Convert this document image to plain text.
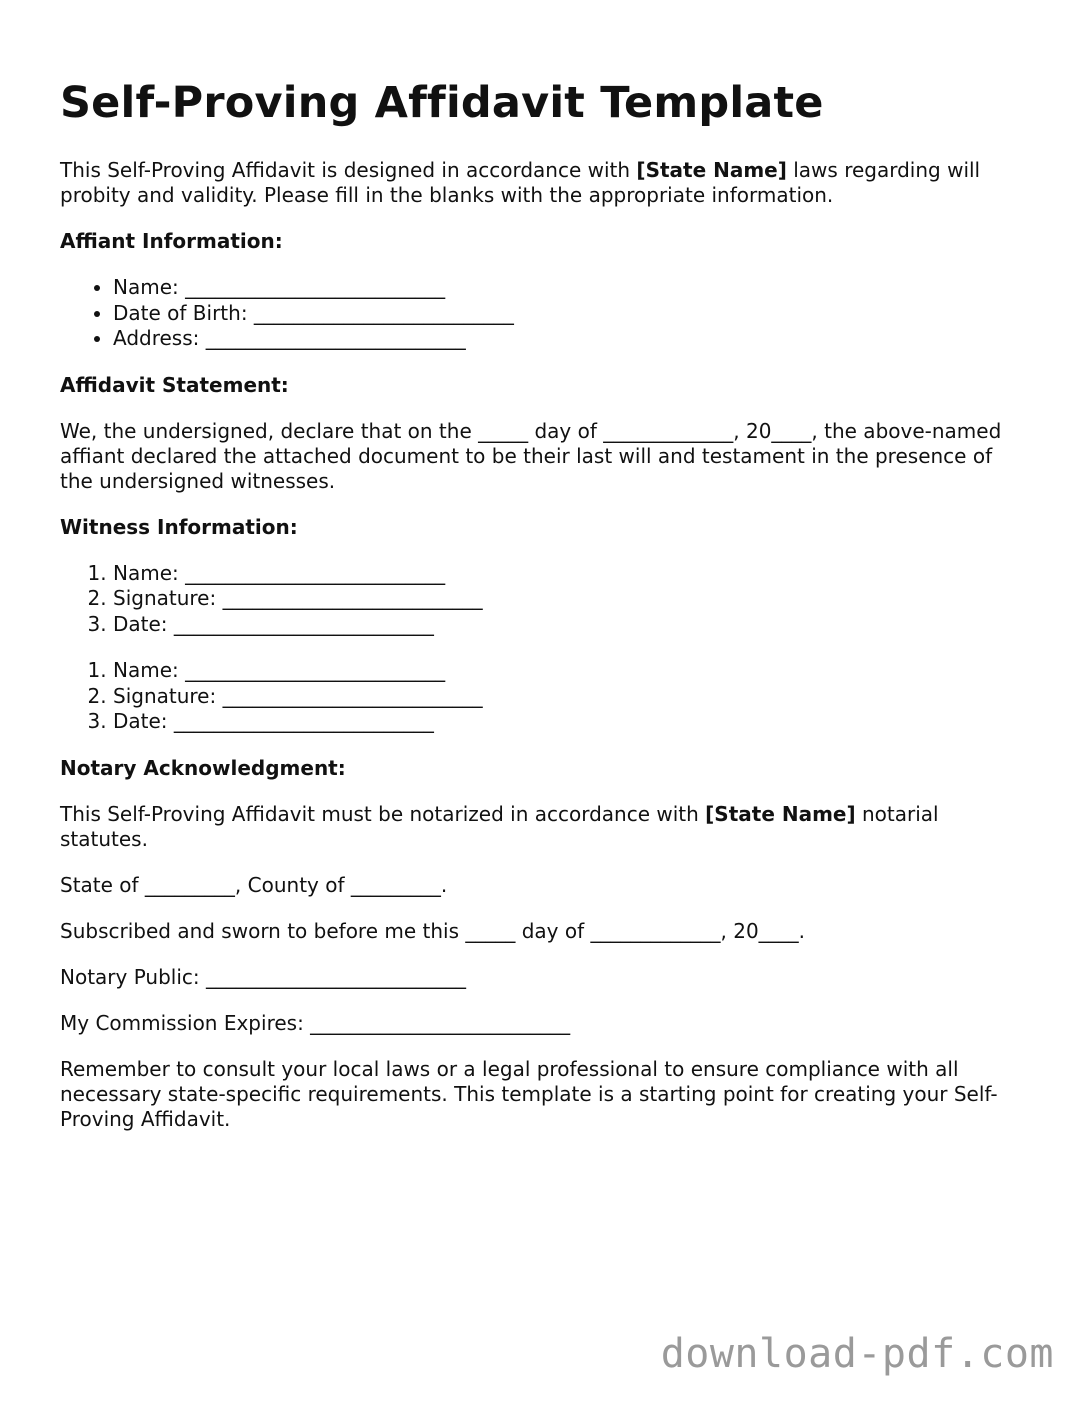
Self-Proving Affidavit Template

This Self-Proving Affidavit is designed in accordance with [State Name] laws regarding will probity and validity. Please fill in the blanks with the appropriate information.

Affiant Information:
• Name: __________________________
• Date of Birth: __________________________
• Address: __________________________
Affidavit Statement:

We, the undersigned, declare that on the _____ day of _____________, 20____, the above-named affiant declared the attached document to be their last will and testament in the presence of the undersigned witnesses.

Witness Information:
1. Name: __________________________
2. Signature: __________________________
3. Date: __________________________
1. Name: __________________________
2. Signature: __________________________
3. Date: __________________________
Notary Acknowledgment:

This Self-Proving Affidavit must be notarized in accordance with [State Name] notarial statutes.

State of _________, County of _________.

Subscribed and sworn to before me this _____ day of _____________, 20____.

Notary Public: __________________________

My Commission Expires: __________________________

Remember to consult your local laws or a legal professional to ensure compliance with all necessary state-specific requirements. This template is a starting point for creating your Self-Proving Affidavit.

download-pdf.com
